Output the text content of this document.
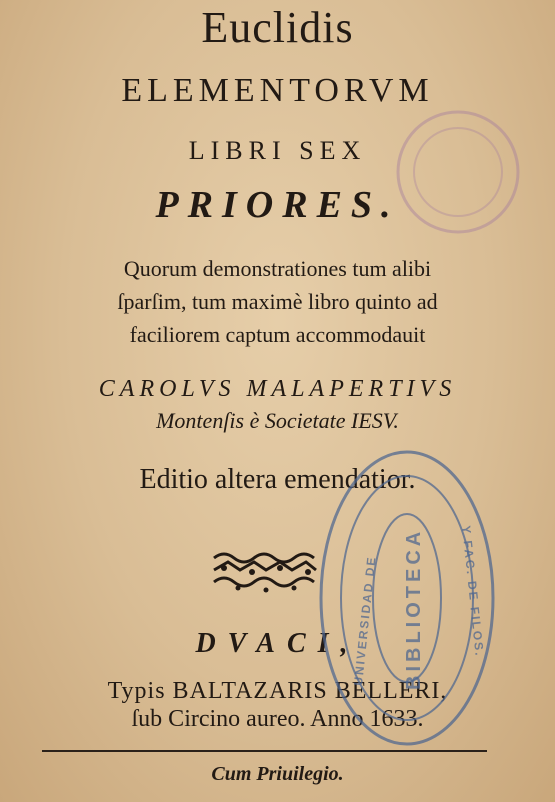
Euclidis
ELEMENTORVM
LIBRI SEX
PRIORES.
Quorum demonstrationes tum alibi
ſparſim, tum maximè libro quinto ad
faciliorem captum accommodauit
CAROLVS MALAPERTIVS
Montenſis è Societate IESV.
Editio altera emendatior.
DVACI,
Typis BALTAZARIS BELLERI,
ſub Circino aureo. Anno 1633.
Cum Priuilegio.
BIBLIOTECA
UNIVERSIDAD DE	Y FAC. DE FILOS.
